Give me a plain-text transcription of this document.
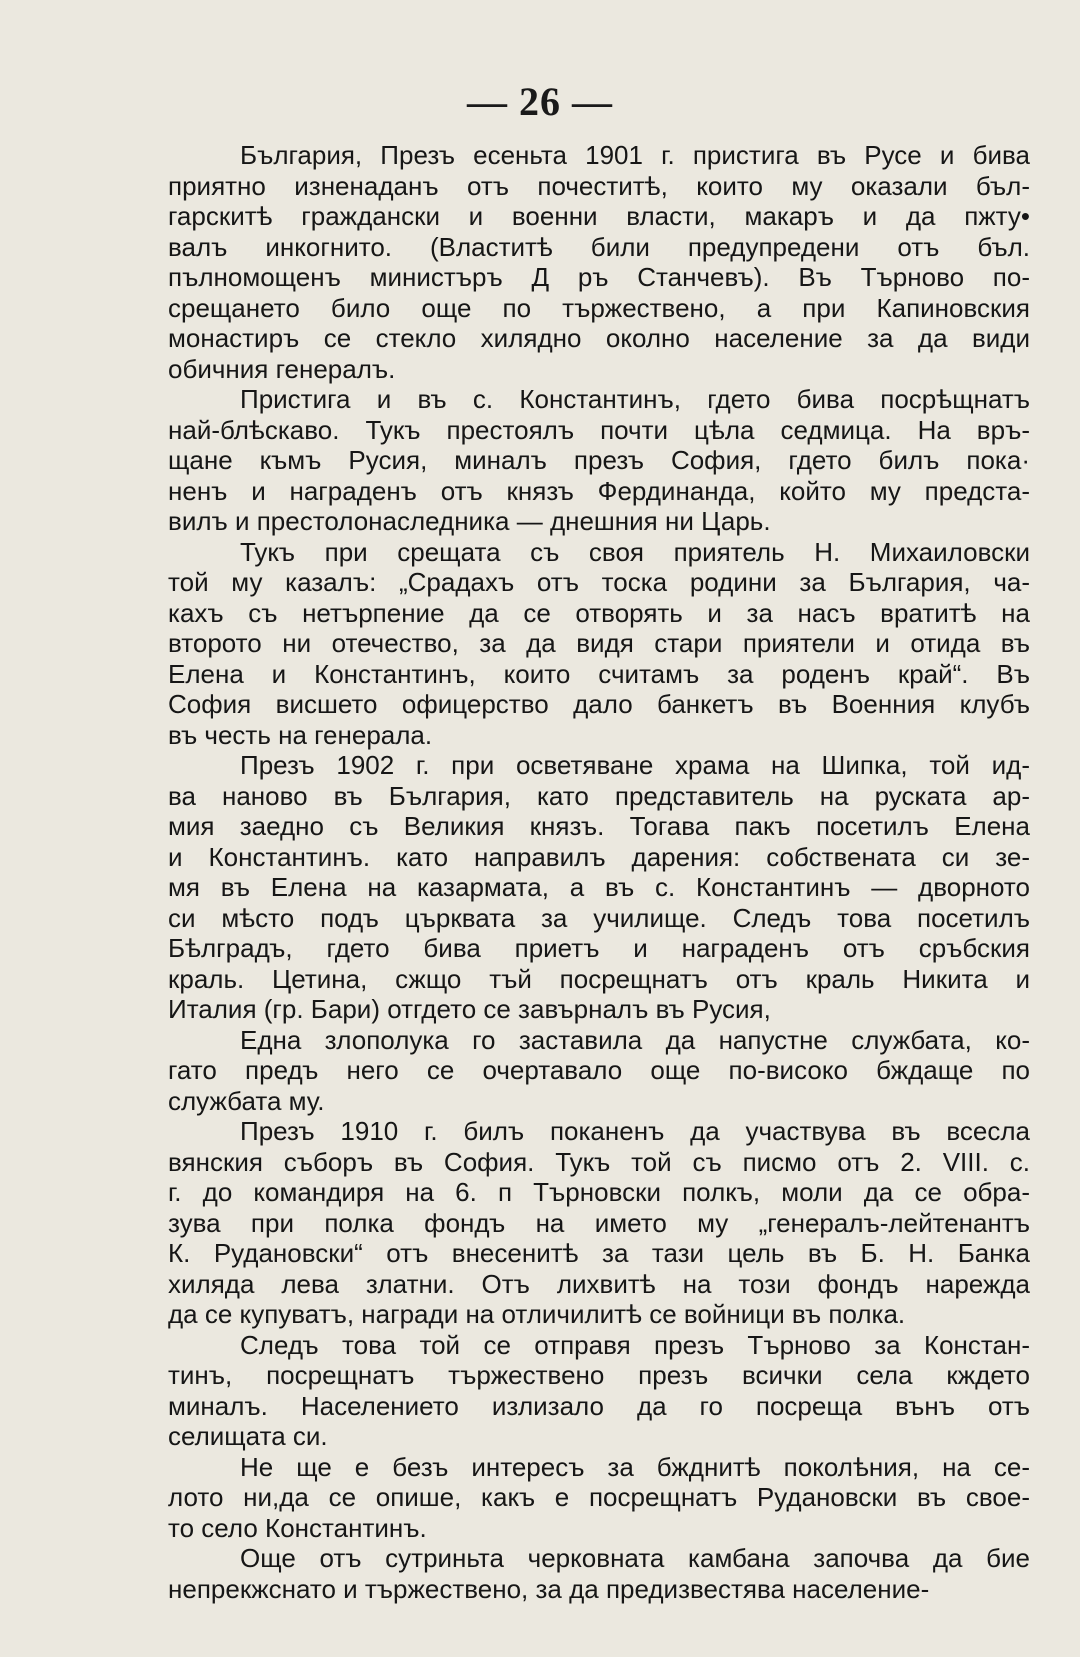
— 26 —
България, Презъ есеньта 1901 г. пристига въ Русе и бива
приятно изненаданъ отъ почеститѣ, които му оказали бъл-
гарскитѣ граждански и военни власти, макаръ и да пжту•
валъ инкогнито. (Властитѣ били предупредени отъ бъл.
пълномощенъ министъръ Д ръ Станчевъ). Въ Търново по-
срещането било още по тържествено, а при Капиновския
монастиръ се стекло хилядно околно население за да види
обичния генералъ.
Пристига и въ с. Константинъ, гдето бива посрѣщнатъ
най-блѣскаво. Тукъ престоялъ почти цѣла седмица. На връ-
щане къмъ Русия, миналъ презъ София, гдето билъ пока·
ненъ и награденъ отъ князъ Фердинанда, който му предста-
вилъ и престолонаследника — днешния ни Царь.
Тукъ при срещата съ своя приятель Н. Михаиловски
той му казалъ: „Срадахъ отъ тоска родини за България, ча-
кахъ съ нетърпение да се отворять и за насъ вратитѣ на
второто ни отечество, за да видя стари приятели и отида въ
Елена и Константинъ, които считамъ за роденъ край“. Въ
София висшето офицерство дало банкетъ въ Военния клубъ
въ честь на генерала.
Презъ 1902 г. при осветяване храма на Шипка, той ид-
ва наново въ България, като представитель на руската ар-
мия заедно съ Великия князъ. Тогава пакъ посетилъ Елена
и Константинъ. като направилъ дарения: собствената си зе-
мя въ Елена на казармата, а въ с. Константинъ — дворното
си мѣсто подъ църквата за училище. Следъ това посетилъ
Бѣлградъ, гдето бива приетъ и награденъ отъ сръбския
краль. Цетина, сжщо тъй посрещнатъ отъ краль Никита и
Италия (гр. Бари) отгдето се завърналъ въ Русия,
Една злополука го заставила да напустне службата, ко-
гато предъ него се очертавало още по-високо бждаще по
службата му.
Презъ 1910 г. билъ поканенъ да участвува въ всесла
вянския съборъ въ София. Тукъ той съ писмо отъ 2. VIII. с.
г. до командиря на 6. п Търновски полкъ, моли да се обра-
зува при полка фондъ на името му „генералъ-лейтенантъ
К. Рудановски“ отъ внесенитѣ за тази цель въ Б. Н. Банка
хиляда лева златни. Отъ лихвитѣ на този фондъ нарежда
да се купуватъ, награди на отличилитѣ се войници въ полка.
Следъ това той се отправя презъ Търново за Констан-
тинъ, посрещнатъ тържествено презъ всички села кждето
миналъ. Населението излизало да го посреща вънъ отъ
селищата си.
Не ще е безъ интересъ за бжднитѣ поколѣния, на се-
лото ни,да се опише, какъ е посрещнатъ Рудановски въ свое-
то село Константинъ.
Още отъ сутриньта черковната камбана започва да бие
непрекжснато и тържествено, за да предизвестява население-
